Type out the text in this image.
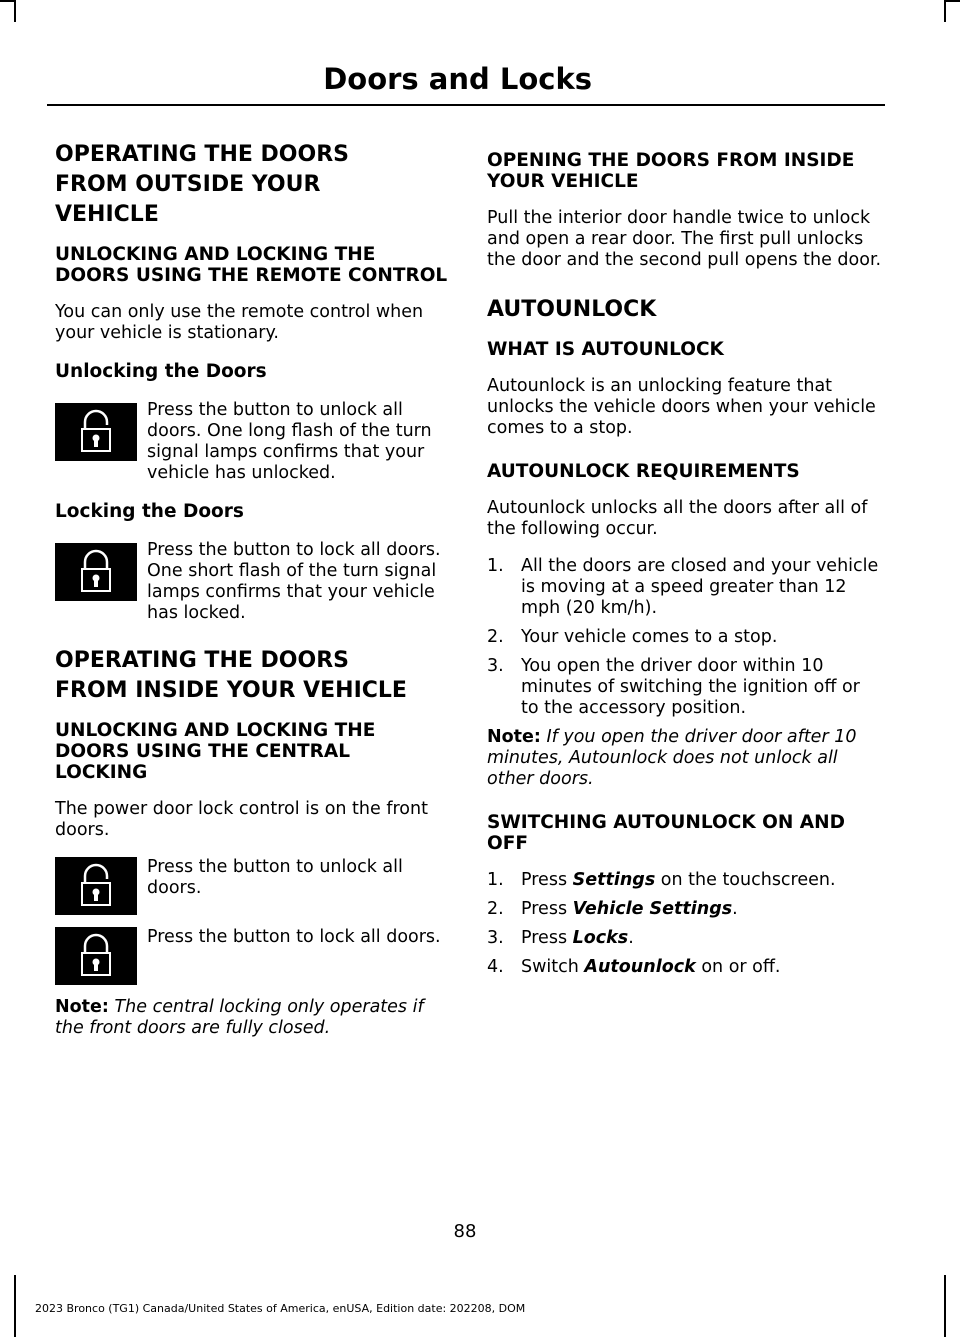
Doors and Locks
OPERATING THE DOORS
FROM OUTSIDE YOUR
VEHICLE
UNLOCKING AND LOCKING THE DOORS USING THE REMOTE CONTROL

You can only use the remote control when your vehicle is stationary.

Unlocking the Doors

Press the button to unlock all doors. One long flash of the turn signal lamps confirms that your vehicle has unlocked.

Locking the Doors

Press the button to lock all doors. One short flash of the turn signal lamps confirms that your vehicle has locked.

OPERATING THE DOORS
FROM INSIDE YOUR VEHICLE
UNLOCKING AND LOCKING THE DOORS USING THE CENTRAL LOCKING

The power door lock control is on the front doors.

Press the button to unlock all doors.

Press the button to lock all doors.

Note: The central locking only operates if the front doors are fully closed.

OPENING THE DOORS FROM INSIDE YOUR VEHICLE

Pull the interior door handle twice to unlock and open a rear door. The first pull unlocks the door and the second pull opens the door.

AUTOUNLOCK
WHAT IS AUTOUNLOCK

Autounlock is an unlocking feature that unlocks the vehicle doors when your vehicle comes to a stop.

AUTOUNLOCK REQUIREMENTS

Autounlock unlocks all the doors after all of the following occur.

1. All the doors are closed and your vehicle is moving at a speed greater than 12 mph (20 km/h).
2. Your vehicle comes to a stop.
3. You open the driver door within 10 minutes of switching the ignition off or to the accessory position.

Note: If you open the driver door after 10 minutes, Autounlock does not unlock all other doors.

SWITCHING AUTOUNLOCK ON AND OFF
1. Press Settings on the touchscreen.
2. Press Vehicle Settings.
3. Press Locks.
4. Switch Autounlock on or off.
88
2023 Bronco (TG1) Canada/United States of America, enUSA, Edition date: 202208, DOM
